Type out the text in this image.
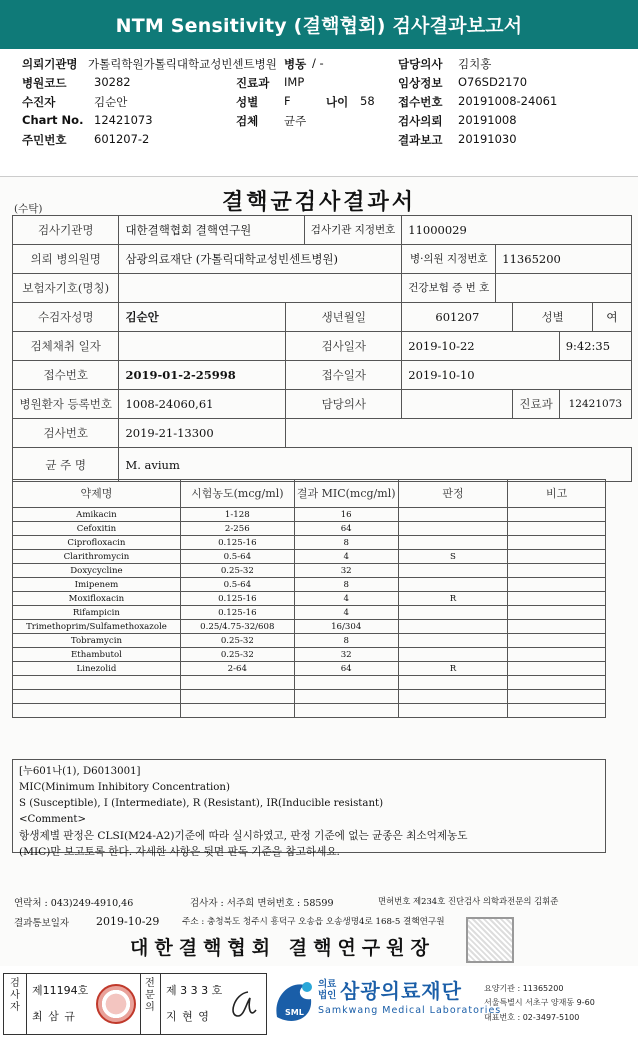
NTM Sensitivity (결핵협회) 검사결과보고서
의뢰기관명 가톨릭학원가톨릭대학교성빈센트병원 병동 / -	담당의사 김치홍
병원코드 30282	진료과 IMP	임상정보 O76SD2170
수진자	김순안	성별 F	나이 58 접수번호 20191008-24061
Chart No. 12421073	검체 균주	검사의뢰 20191008
주민번호 601207-2	결과보고 20191030
(수탁)	결핵균검사결과서
검사기관명	대한결핵협회 결핵연구원		검사기관 지정번호	11000029				
의뢰 병의원명	삼광의료재단 (가톨릭대학교성빈센트병원)			병·의원 지정번호	11365200			
보험자기호(명칭)				건강보험 증 번 호				
수검자성명	김순안	생년월일		601207		성별		여
검체채취 일자		검사일자		2019-10-22			9:42:35	
접수번호	2019-01-2-25998	접수일자		2019-10-10				
병원환자 등록번호	1008-24060,61	담당의사				진료과	12421073	
검사번호	2019-21-13300							
균 주 명	M. avium							
약제명	시험농도(mcg/ml)	결과 MIC(mcg/ml)	판정	비고
Amikacin	1-128	16		
Cefoxitin	2-256	64		
Ciprofloxacin	0.125-16	8		
Clarithromycin	0.5-64	4	S	
Doxycycline	0.25-32	32		
Imipenem	0.5-64	8		
Moxifloxacin	0.125-16	4	R	
Rifampicin	0.125-16	4		
Trimethoprim/Sulfamethoxazole	0.25/4.75-32/608	16/304		
Tobramycin	0.25-32	8		
Ethambutol	0.25-32	32		
Linezolid	2-64	64	R	

[누601나(1), D6013001]
MIC(Minimum Inhibitory Concentration)
S (Susceptible), I (Intermediate), R (Resistant), IR(Inducible resistant)
<Comment>
항생제별 판정은 CLSI(M24-A2)기준에 따라 실시하였고, 판정 기준에 없는 균종은 최소억제농도
(MIC)만 보고토록 한다. 자세한 사항은 뒷면 판독 기준을 참고하세요.
연락처 : 043)249-4910,46	검사자 : 서주희 면허번호 : 58599	면허번호 제234호 진단검사 의학과전문의 김휘준
결과통보일자 2019-10-29	주소 : 충청북도 청주시 흥덕구 오송읍 오송생명4로 168-5 결핵연구원
대한결핵협회 결핵연구원장
검사자
제11194호
최 삼 규
전문의
제 3 3 3 호
지 현 영	SML
의료법인 삼광의료재단
Samkwang Medical Laboratories
요양기관 : 11365200
서울특별시 서초구 양재동 9-60
대표번호 : 02-3497-5100
